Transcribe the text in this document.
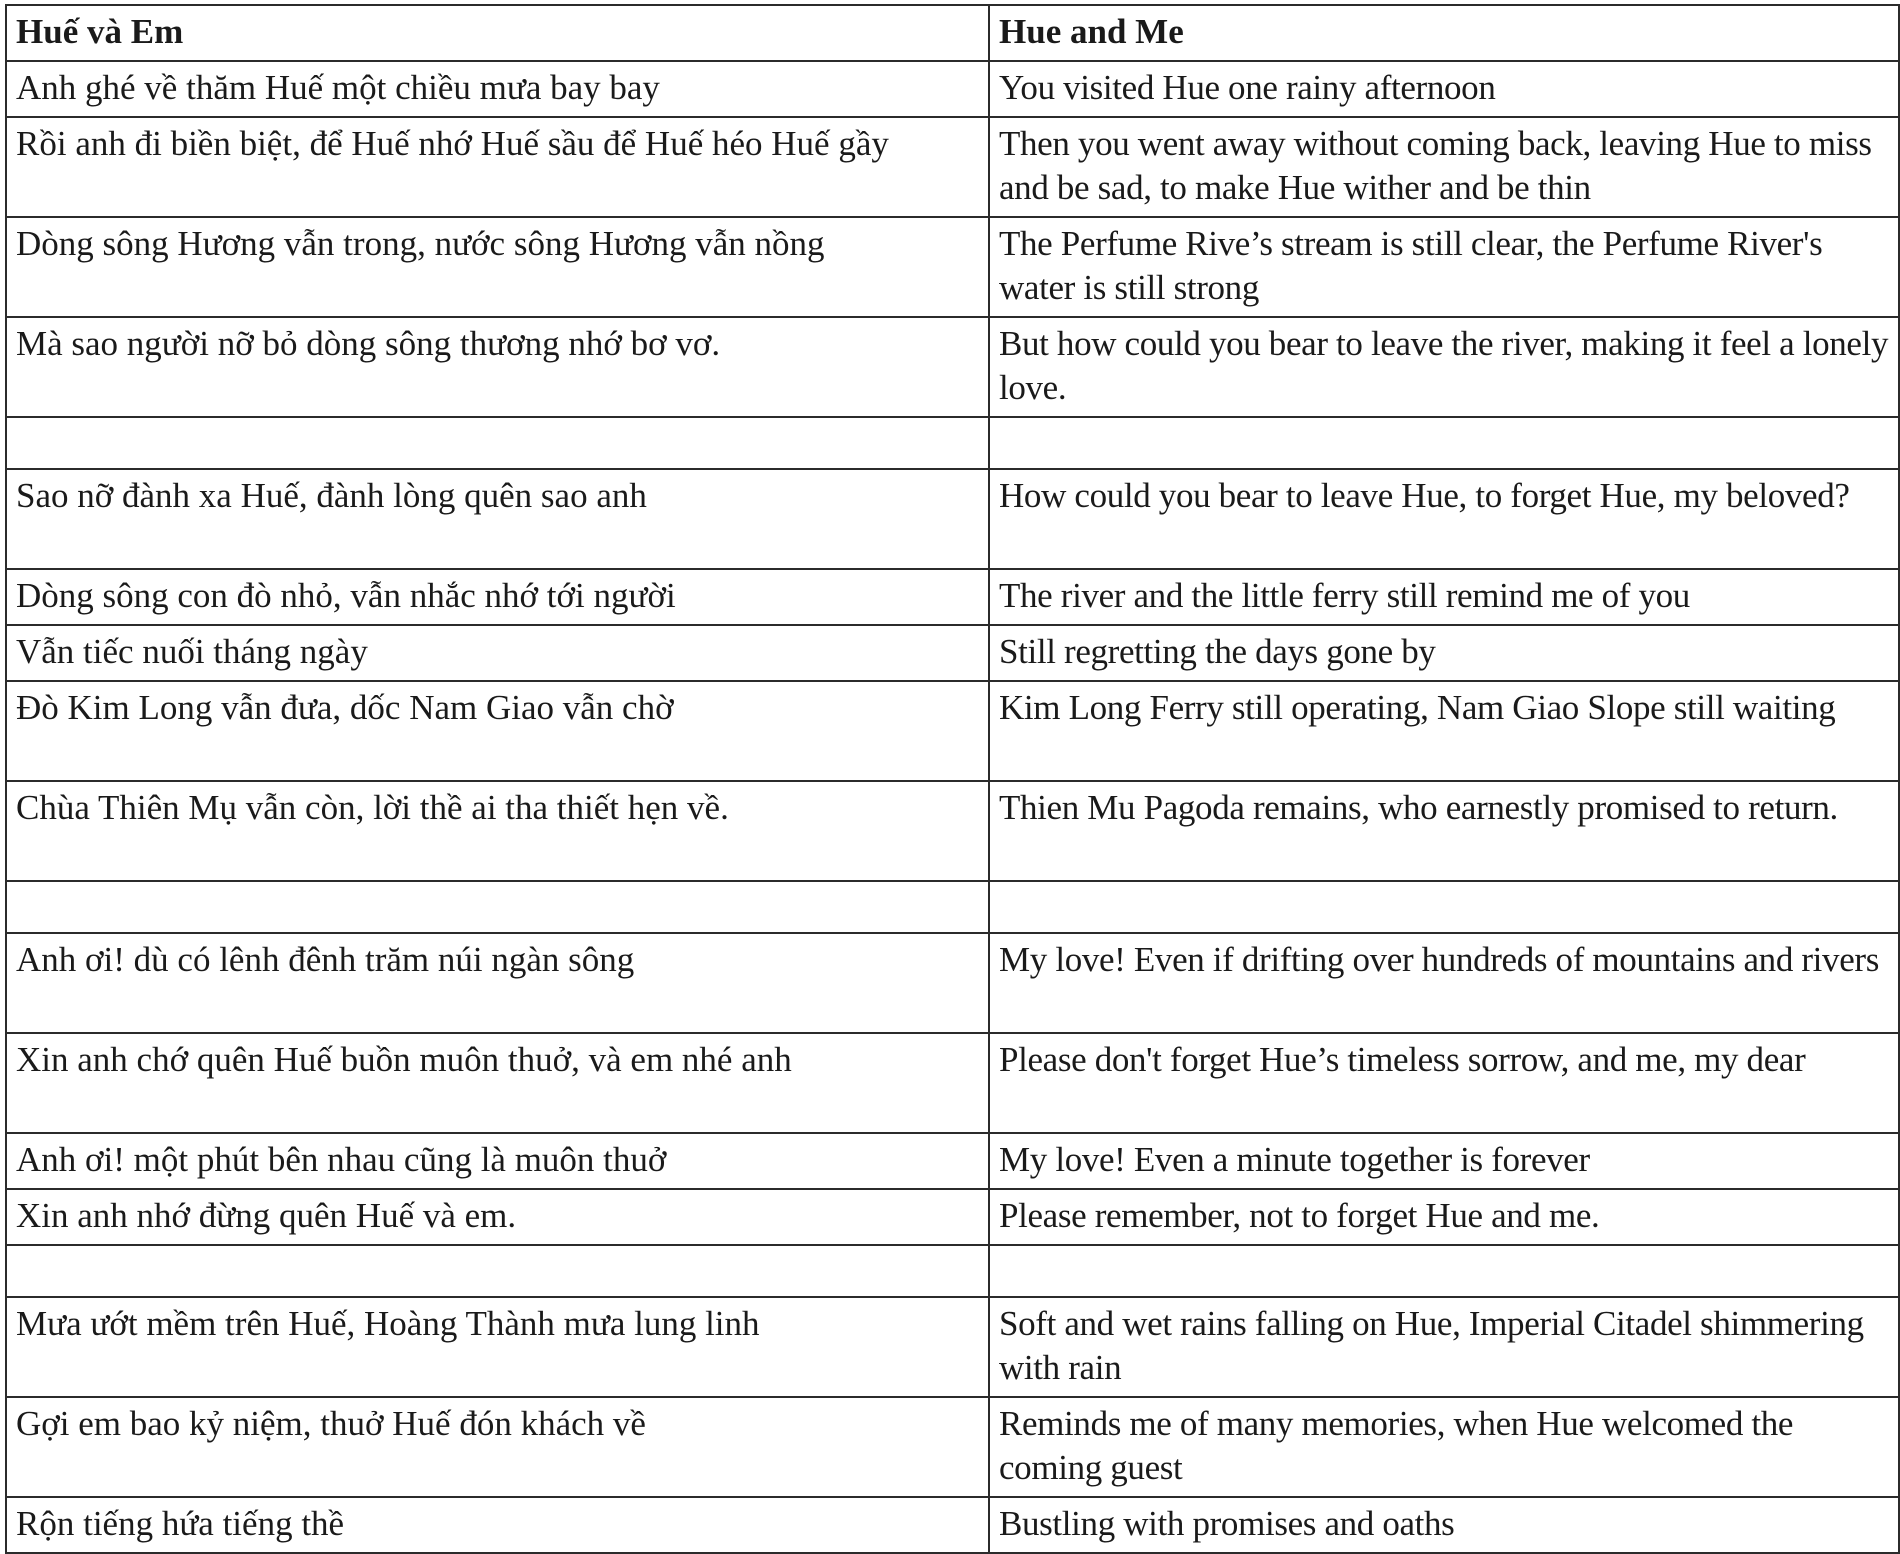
Huế và Em	Hue and Me
Anh ghé về thăm Huế một chiều mưa bay bay	You visited Hue one rainy afternoon
Rồi anh đi biền biệt, để Huế nhớ Huế sầu để Huế héo Huế gầy	Then you went away without coming back, leaving Hue to miss and be sad, to make Hue wither and be thin
Dòng sông Hương vẫn trong, nước sông Hương vẫn nồng	The Perfume Rive’s stream is still clear, the Perfume River's water is still strong
Mà sao người nỡ bỏ dòng sông thương nhớ bơ vơ.	But how could you bear to leave the river, making it feel a lonely love.

Sao nỡ đành xa Huế, đành lòng quên sao anh	How could you bear to leave Hue, to forget Hue, my beloved?
Dòng sông con đò nhỏ, vẫn nhắc nhớ tới người	The river and the little ferry still remind me of you
Vẫn tiếc nuối tháng ngày	Still regretting the days gone by
Đò Kim Long vẫn đưa, dốc Nam Giao vẫn chờ	Kim Long Ferry still operating, Nam Giao Slope still waiting
Chùa Thiên Mụ vẫn còn, lời thề ai tha thiết hẹn về.	Thien Mu Pagoda remains, who earnestly promised to return.

Anh ơi! dù có lênh đênh trăm núi ngàn sông	My love! Even if drifting over hundreds of mountains and rivers
Xin anh chớ quên Huế buồn muôn thuở, và em nhé anh	Please don't forget Hue’s timeless sorrow, and me, my dear
Anh ơi! một phút bên nhau cũng là muôn thuở	My love! Even a minute together is forever
Xin anh nhớ đừng quên Huế và em.	Please remember, not to forget Hue and me.

Mưa ướt mềm trên Huế, Hoàng Thành mưa lung linh	Soft and wet rains falling on Hue, Imperial Citadel shimmering with rain
Gợi em bao kỷ niệm, thuở Huế đón khách về	Reminds me of many memories, when Hue welcomed the coming guest
Rộn tiếng hứa tiếng thề	Bustling with promises and oaths
